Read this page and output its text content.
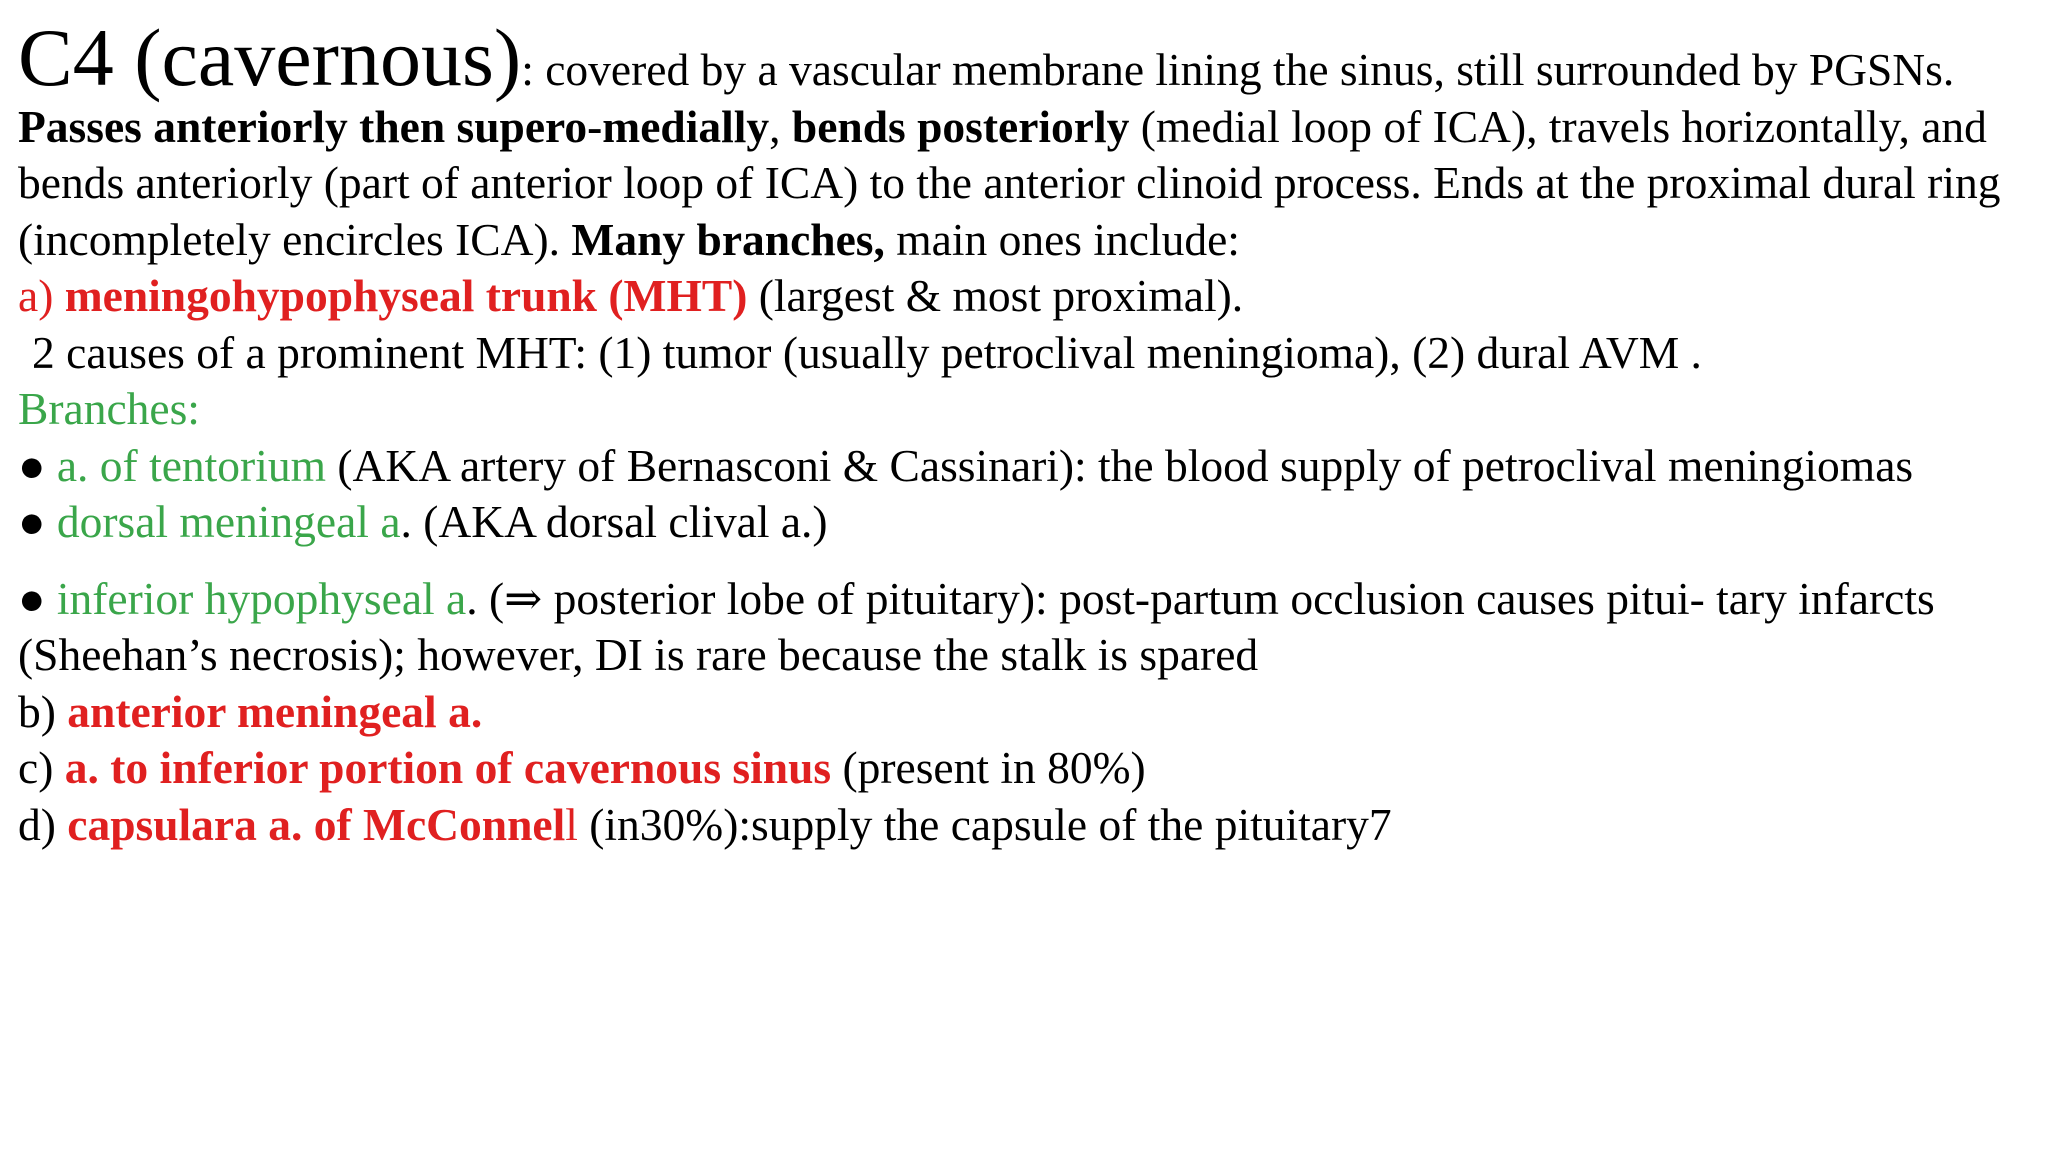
C4 (cavernous): covered by a vascular membrane lining the sinus, still surrounded by PGSNs. Passes anteriorly then supero-medially, bends posteriorly (medial loop of ICA), travels horizontally, and bends anteriorly (part of anterior loop of ICA) to the anterior clinoid process. Ends at the proximal dural ring (incompletely encircles ICA). Many branches, main ones include:

a) meningohypophyseal trunk (MHT) (largest & most proximal).

2 causes of a prominent MHT: (1) tumor (usually petroclival meningioma), (2) dural AVM .

Branches:

● a. of tentorium (AKA artery of Bernasconi & Cassinari): the blood supply of petroclival meningiomas

● dorsal meningeal a. (AKA dorsal clival a.)

● inferior hypophyseal a. (⇒ posterior lobe of pituitary): post-partum occlusion causes pitui- tary infarcts (Sheehan’s necrosis); however, DI is rare because the stalk is spared

b) anterior meningeal a.

c) a. to inferior portion of cavernous sinus (present in 80%)

d) capsulara a. of McConnell (in30%):supply the capsule of the pituitary7
